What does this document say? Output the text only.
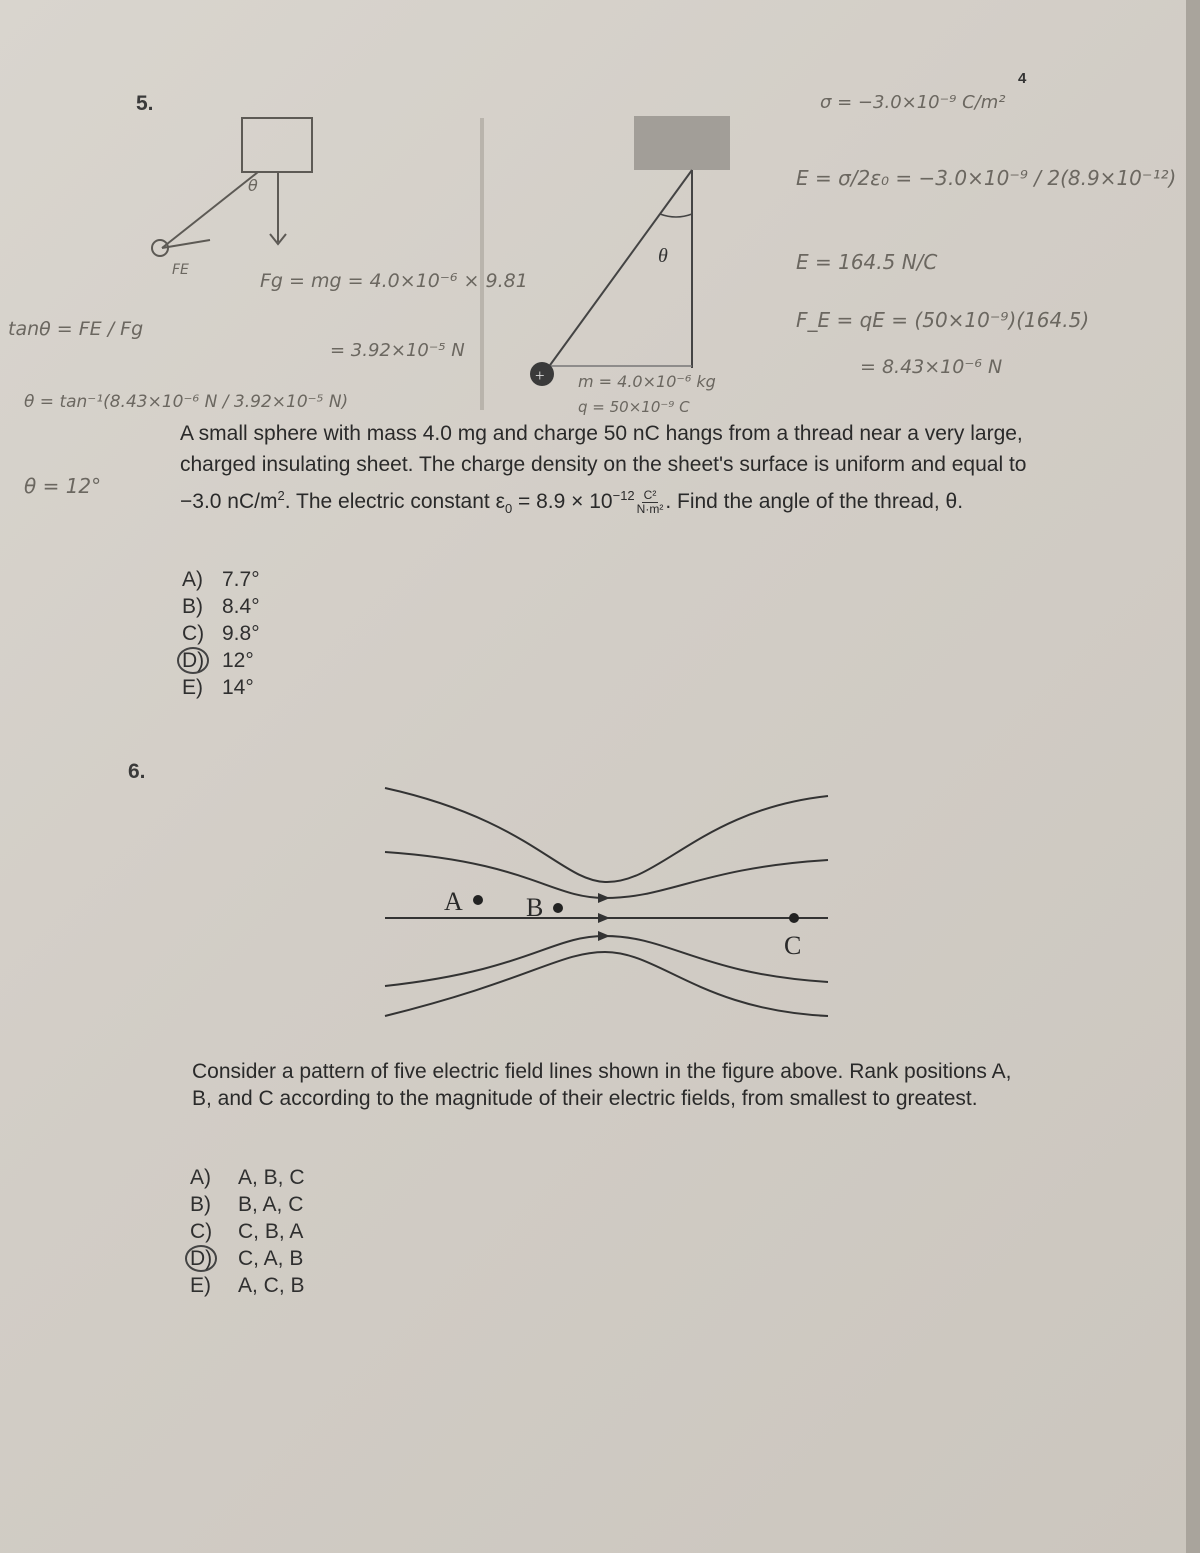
4
5.
θ
+
θ
FE
σ = −3.0×10⁻⁹ C/m²
E = σ/2ε₀ = −3.0×10⁻⁹ / 2(8.9×10⁻¹²)
E = 164.5 N/C
F_E = qE = (50×10⁻⁹)(164.5)
= 8.43×10⁻⁶ N
Fg = mg = 4.0×10⁻⁶ × 9.81
= 3.92×10⁻⁵ N
tanθ = FE / Fg
θ = tan⁻¹(8.43×10⁻⁶ N / 3.92×10⁻⁵ N)
θ = 12°
m = 4.0×10⁻⁶ kg
q = 50×10⁻⁹ C
A small sphere with mass 4.0 mg and charge 50 nC hangs from a thread near a very large, charged insulating sheet. The charge density on the sheet's surface is uniform and equal to −3.0 $nC/m^2$. The electric constant $\varepsilon_0 = 8.9 \times 10^{-12} \frac{\text{C²}}{\text{N·m²}}$ . Find the angle of the thread, θ.
A) 7.7°
B) 8.4°
C) 9.8°
D) 12°
E) 14°
6.
A B
C
Consider a pattern of five electric field lines shown in the figure above. Rank positions A, B, and C according to the magnitude of their electric fields, from smallest to greatest.
A)	A, B, C
B)	B, A, C
C)	C, B, A
D)	C, A, B
E)	A, C, B
